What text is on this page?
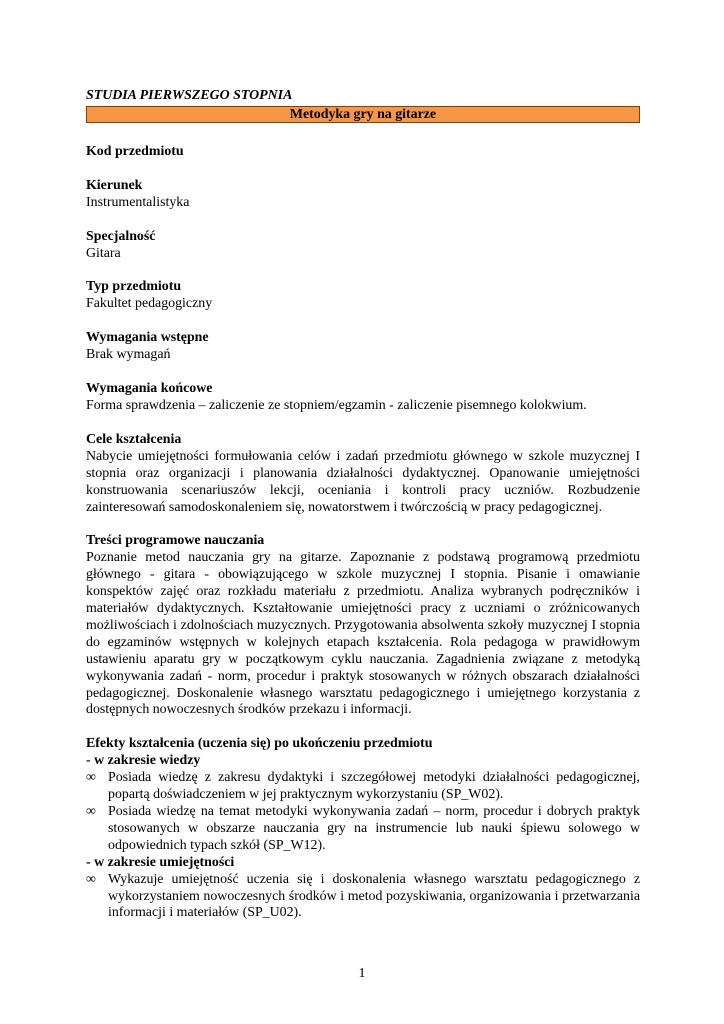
STUDIA PIERWSZEGO STOPNIA

Metodyka gry na gitarze
Kod przedmiotu
Kierunek
Instrumentalistyka
Specjalność
Gitara
Typ przedmiotu
Fakultet pedagogiczny
Wymagania wstępne
Brak wymagań
Wymagania końcowe
Forma sprawdzenia – zaliczenie ze stopniem/egzamin - zaliczenie pisemnego kolokwium.
Cele kształcenia
Nabycie umiejętności formułowania celów i zadań przedmiotu głównego w szkole muzycznej I stopnia oraz organizacji i planowania działalności dydaktycznej. Opanowanie umiejętności konstruowania scenariuszów lekcji, oceniania i kontroli pracy uczniów. Rozbudzenie zainteresowań samodoskonaleniem się, nowatorstwem i twórczością w pracy pedagogicznej.
Treści programowe nauczania
Poznanie metod nauczania gry na gitarze. Zapoznanie z podstawą programową przedmiotu głównego - gitara - obowiązującego w szkole muzycznej I stopnia. Pisanie i omawianie konspektów zajęć oraz rozkładu materiału z przedmiotu. Analiza wybranych podręczników i materiałów dydaktycznych. Kształtowanie umiejętności pracy z uczniami o zróżnicowanych możliwościach i zdolnościach muzycznych. Przygotowania absolwenta szkoły muzycznej I stopnia do egzaminów wstępnych w kolejnych etapach kształcenia. Rola pedagoga w prawidłowym ustawieniu aparatu gry w początkowym cyklu nauczania. Zagadnienia związane z metodyką wykonywania zadań - norm, procedur i praktyk stosowanych w różnych obszarach działalności pedagogicznej. Doskonalenie własnego warsztatu pedagogicznego i umiejętnego korzystania z dostępnych nowoczesnych środków przekazu i informacji.
Efekty kształcenia (uczenia się) po ukończeniu przedmiotu
- w zakresie wiedzy
∞ Posiada wiedzę z zakresu dydaktyki i szczegółowej metodyki działalności pedagogicznej, popartą doświadczeniem w jej praktycznym wykorzystaniu (SP_W02).
∞ Posiada wiedzę na temat metodyki wykonywania zadań – norm, procedur i dobrych praktyk stosowanych w obszarze nauczania gry na instrumencie lub nauki śpiewu solowego w odpowiednich typach szkół (SP_W12).
- w zakresie umiejętności
∞ Wykazuje umiejętność uczenia się i doskonalenia własnego warsztatu pedagogicznego z wykorzystaniem nowoczesnych środków i metod pozyskiwania, organizowania i przetwarzania informacji i materiałów (SP_U02).
1
